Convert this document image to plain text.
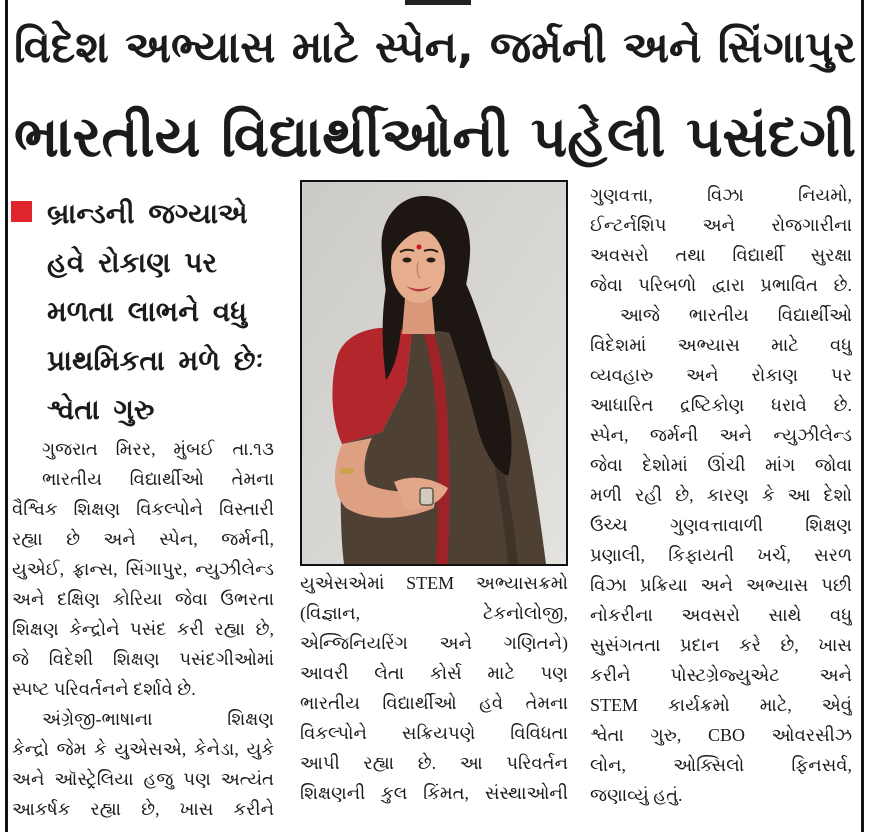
વિદેશ અભ્યાસ માટે સ્પેન, જર્મની અને સિંગાપુર
ભારતીય વિદ્યાર્થીઓની પહેલી પસંદગી
બ્રાન્ડની જગ્યાએ
હવે રોકાણ પર
મળતા લાભને વધુ
પ્રાથમિકતા મળે છેઃ
શ્વેતા ગુરુ
ગુજરાત મિરર, મુંબઈ તા.૧૩
ભારતીય વિદ્યાર્થીઓ તેમના
વૈશ્વિક શિક્ષણ વિકલ્પોને વિસ્તારી
રહ્યા છે અને સ્પેન, જર્મની,
યુએઈ, ફ્રાન્સ, સિંગાપુર, ન્યુઝીલેન્ડ
અને દક્ષિણ કોરિયા જેવા ઉભરતા
શિક્ષણ કેન્દ્રોને પસંદ કરી રહ્યા છે,
જે વિદેશી શિક્ષણ પસંદગીઓમાં
સ્પષ્ટ પરિવર્તનને દર્શાવે છે.
અંગ્રેજી-ભાષાના શિક્ષણ
કેન્દ્રો જેમ કે યુએસએ, કેનેડા, યુકે
અને ઑસ્ટ્રેલિયા હજુ પણ અત્યંત
આકર્ષક રહ્યા છે, ખાસ કરીને
યુએસએમાં STEM અભ્યાસક્રમો
(વિજ્ઞાન, ટેકનોલોજી,
એન્જિનિયરિંગ અને ગણિતને)
આવરી લેતા કોર્સ માટે પણ
ભારતીય વિદ્યાર્થીઓ હવે તેમના
વિકલ્પોને સક્રિયપણે વિવિધતા
આપી રહ્યા છે. આ પરિવર્તન
શિક્ષણની કુલ કિંમત, સંસ્થાઓની
ગુણવત્તા, વિઝા નિયમો,
ઈન્ટર્નશિપ અને રોજગારીના
અવસરો તથા વિદ્યાર્થી સુરક્ષા
જેવા પરિબળો દ્વારા પ્રભાવિત છે.
આજે ભારતીય વિદ્યાર્થીઓ
વિદેશમાં અભ્યાસ માટે વધુ
વ્યવહારુ અને રોકાણ પર
આધારિત દ્રષ્ટિકોણ ધરાવે છે.
સ્પેન, જર્મની અને ન્યુઝીલેન્ડ
જેવા દેશોમાં ઊંચી માંગ જોવા
મળી રહી છે, કારણ કે આ દેશો
ઉચ્ચ ગુણવત્તાવાળી શિક્ષણ
પ્રણાલી, કિફાયતી ખર્ચ, સરળ
વિઝા પ્રક્રિયા અને અભ્યાસ પછી
નોકરીના અવસરો સાથે વધુ
સુસંગતતા પ્રદાન કરે છે, ખાસ
કરીને પોસ્ટગ્રેજ્યુએટ અને
STEM કાર્યક્રમો માટે, એવું
શ્વેતા ગુરુ, CBO ઓવરસીઝ
લોન, ઓક્સિલો ફિનસર્વ,
જણાવ્યું હતું.
